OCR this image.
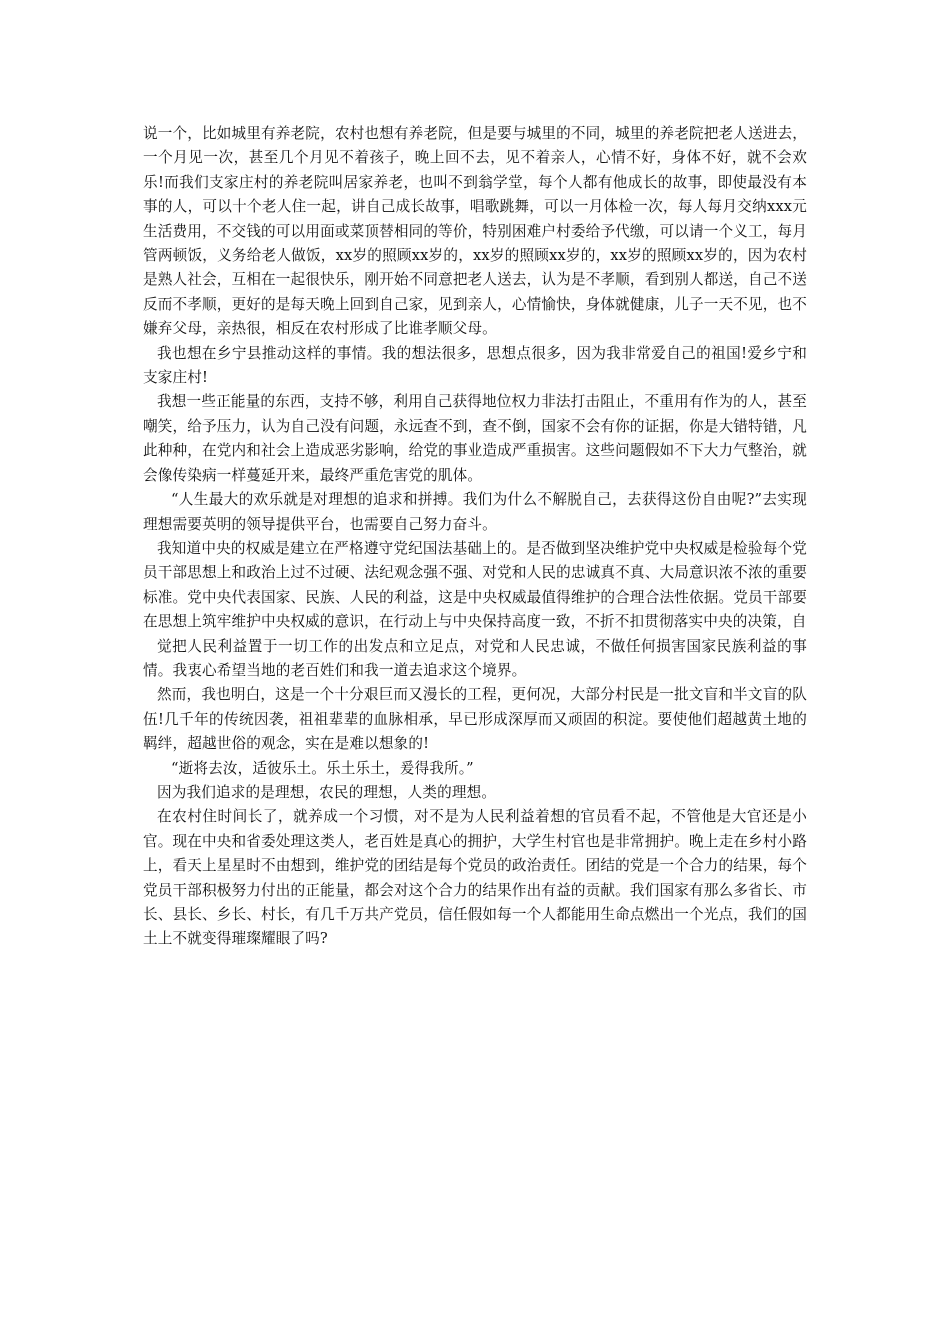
说一个，比如城里有养老院，农村也想有养老院，但是要与城里的不同，城里的养老院把老人送进去，一个月见一次，甚至几个月见不着孩子，晚上回不去，见不着亲人，心情不好，身体不好，就不会欢乐!而我们支家庄村的养老院叫居家养老，也叫不到翁学堂，每个人都有他成长的故事，即使最没有本事的人，可以十个老人住一起，讲自己成长故事，唱歌跳舞，可以一月体检一次，每人每月交纳xxx元生活费用，不交钱的可以用面或菜顶替相同的等价，特别困难户村委给予代缴，可以请一个义工，每月管两顿饭，义务给老人做饭，xx岁的照顾xx岁的，xx岁的照顾xx岁的，xx岁的照顾xx岁的，因为农村是熟人社会，互相在一起很快乐，刚开始不同意把老人送去，认为是不孝顺，看到别人都送，自己不送反而不孝顺，更好的是每天晚上回到自己家，见到亲人，心情愉快，身体就健康，儿子一天不见，也不嫌弃父母，亲热很，相反在农村形成了比谁孝顺父母。

我也想在乡宁县推动这样的事情。我的想法很多，思想点很多，因为我非常爱自己的祖国!爱乡宁和支家庄村!

我想一些正能量的东西，支持不够，利用自己获得地位权力非法打击阻止，不重用有作为的人，甚至嘲笑，给予压力，认为自己没有问题，永远查不到，查不倒，国家不会有你的证据，你是大错特错，凡此种种，在党内和社会上造成恶劣影响，给党的事业造成严重损害。这些问题假如不下大力气整治，就会像传染病一样蔓延开来，最终严重危害党的肌体。

“人生最大的欢乐就是对理想的追求和拼搏。我们为什么不解脱自己，去获得这份自由呢?”去实现理想需要英明的领导提供平台，也需要自己努力奋斗。

我知道中央的权威是建立在严格遵守党纪国法基础上的。是否做到坚决维护党中央权威是检验每个党员干部思想上和政治上过不过硬、法纪观念强不强、对党和人民的忠诚真不真、大局意识浓不浓的重要标准。党中央代表国家、民族、人民的利益，这是中央权威最值得维护的合理合法性依据。党员干部要在思想上筑牢维护中央权威的意识，在行动上与中央保持高度一致，不折不扣贯彻落实中央的决策，自

觉把人民利益置于一切工作的出发点和立足点，对党和人民忠诚，不做任何损害国家民族利益的事情。我衷心希望当地的老百姓们和我一道去追求这个境界。

然而，我也明白，这是一个十分艰巨而又漫长的工程，更何况，大部分村民是一批文盲和半文盲的队伍!几千年的传统因袭，祖祖辈辈的血脉相承，早已形成深厚而又顽固的积淀。要使他们超越黄土地的羁绊，超越世俗的观念，实在是难以想象的!

“逝将去汝，适彼乐土。乐土乐土，爰得我所。”

因为我们追求的是理想，农民的理想，人类的理想。

在农村住时间长了，就养成一个习惯，对不是为人民利益着想的官员看不起，不管他是大官还是小官。现在中央和省委处理这类人，老百姓是真心的拥护，大学生村官也是非常拥护。晚上走在乡村小路上，看天上星星时不由想到，维护党的团结是每个党员的政治责任。团结的党是一个合力的结果，每个党员干部积极努力付出的正能量，都会对这个合力的结果作出有益的贡献。我们国家有那么多省长、市长、县长、乡长、村长，有几千万共产党员，信任假如每一个人都能用生命点燃出一个光点，我们的国土上不就变得璀璨耀眼了吗?
